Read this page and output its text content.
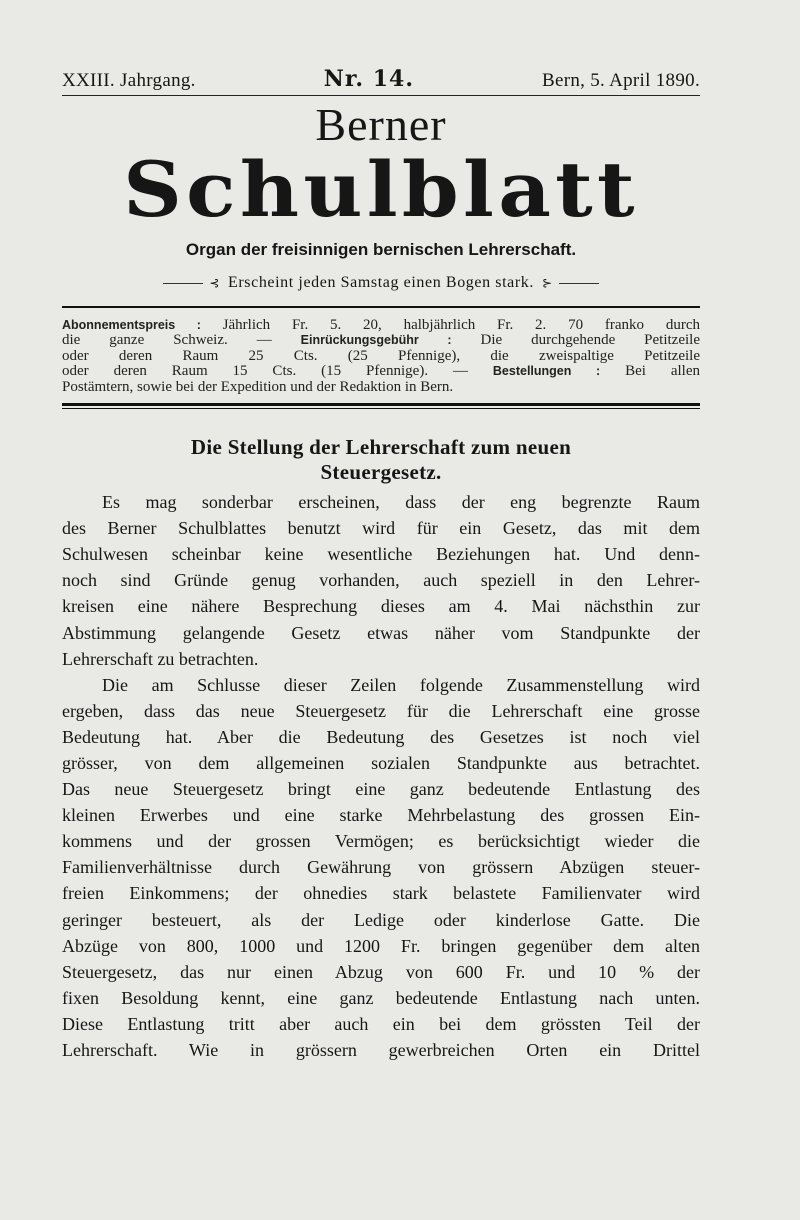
XXIII. Jahrgang.	Nr. 14.	Bern, 5. April 1890.
Berner
Schulblatt
Organ der freisinnigen bernischen Lehrerschaft.
⊰ Erscheint jeden Samstag einen Bogen stark. ⊱

Abonnementspreis : Jährlich Fr. 5. 20, halbjährlich Fr. 2. 70 franko durch

die ganze Schweiz. — Einrückungsgebühr : Die durchgehende Petitzeile

oder deren Raum 25 Cts. (25 Pfennige), die zweispaltige Petitzeile

oder deren Raum 15 Cts. (15 Pfennige). — Bestellungen : Bei allen

Postämtern, sowie bei der Expedition und der Redaktion in Bern.

Die Stellung der Lehrerschaft zum neuen
Steuergesetz.
Es mag sonderbar erscheinen, dass der eng begrenzte Raum
des Berner Schulblattes benutzt wird für ein Gesetz, das mit dem
Schulwesen scheinbar keine wesentliche Beziehungen hat. Und denn-
noch sind Gründe genug vorhanden, auch speziell in den Lehrer-
kreisen eine nähere Besprechung dieses am 4. Mai nächsthin zur
Abstimmung gelangende Gesetz etwas näher vom Standpunkte der
Lehrerschaft zu betrachten.
Die am Schlusse dieser Zeilen folgende Zusammenstellung wird
ergeben, dass das neue Steuergesetz für die Lehrerschaft eine grosse
Bedeutung hat. Aber die Bedeutung des Gesetzes ist noch viel
grösser, von dem allgemeinen sozialen Standpunkte aus betrachtet.
Das neue Steuergesetz bringt eine ganz bedeutende Entlastung des
kleinen Erwerbes und eine starke Mehrbelastung des grossen Ein-
kommens und der grossen Vermögen; es berücksichtigt wieder die
Familienverhältnisse durch Gewährung von grössern Abzügen steuer-
freien Einkommens; der ohnedies stark belastete Familienvater wird
geringer besteuert, als der Ledige oder kinderlose Gatte. Die
Abzüge von 800, 1000 und 1200 Fr. bringen gegenüber dem alten
Steuergesetz, das nur einen Abzug von 600 Fr. und 10 % der
fixen Besoldung kennt, eine ganz bedeutende Entlastung nach unten.
Diese Entlastung tritt aber auch ein bei dem grössten Teil der
Lehrerschaft. Wie in grössern gewerbreichen Orten ein Drittel
